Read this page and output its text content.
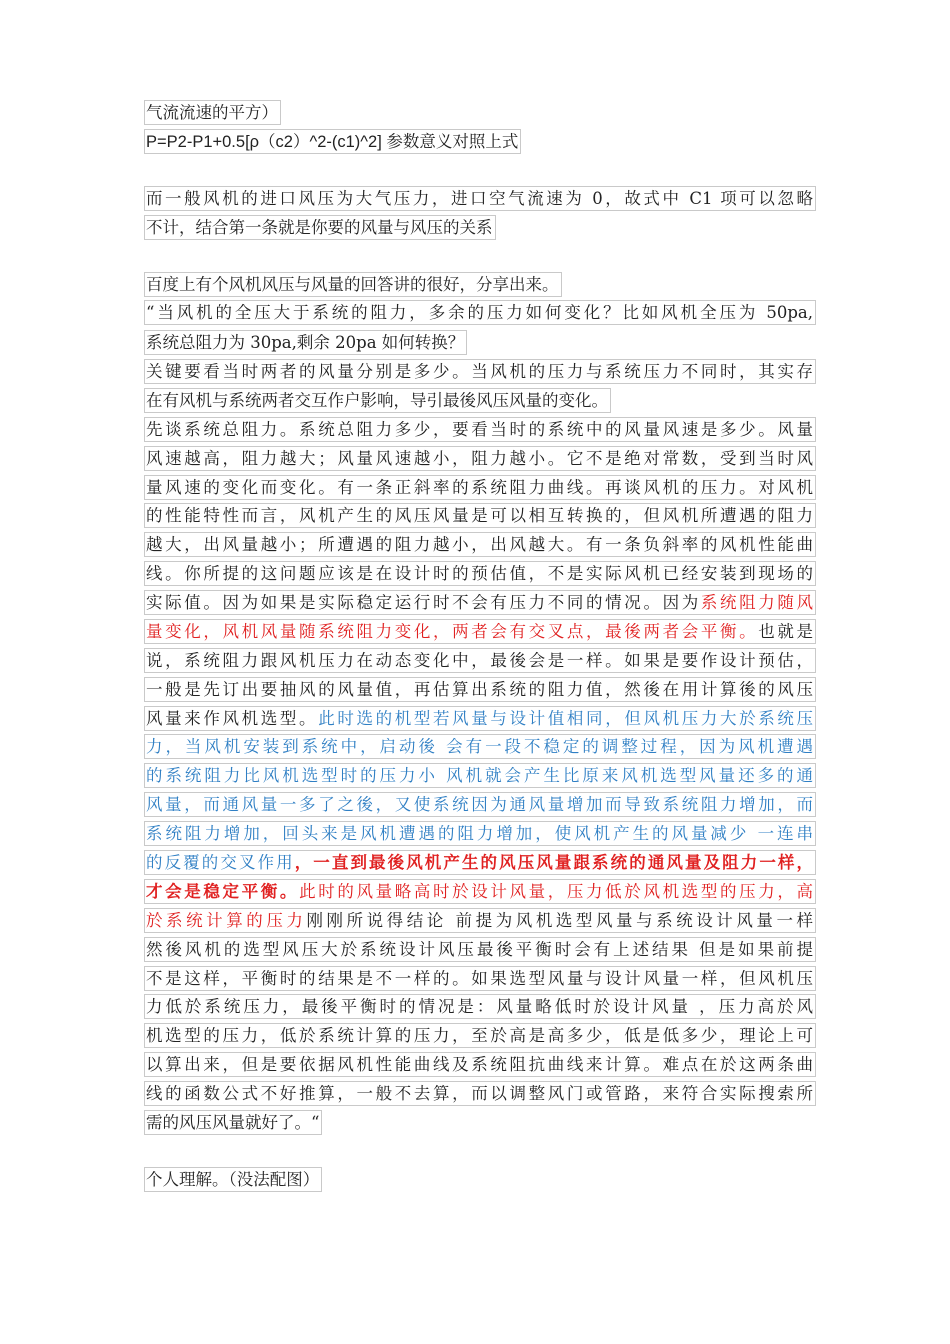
气流流速的平方）
P=P2-P1+0.5[ρ（c2）^2-(c1)^2] 参数意义对照上式
而一般风机的进口风压为大气压力，进口空气流速为 0，故式中 C1 项可以忽略
不计，结合第一条就是你要的风量与风压的关系
百度上有个风机风压与风量的回答讲的很好，分享出来。
“当风机的全压大于系统的阻力，多余的压力如何变化？比如风机全压为 50pa,
系统总阻力为 30pa,剩余 20pa 如何转换？
关键要看当时两者的风量分别是多少。当风机的压力与系统压力不同时，其实存
在有风机与系统两者交互作户影响，导引最後风压风量的变化。
先谈系统总阻力。系统总阻力多少，要看当时的系统中的风量风速是多少。风量
风速越高，阻力越大；风量风速越小，阻力越小。它不是绝对常数，受到当时风
量风速的变化而变化。有一条正斜率的系统阻力曲线。再谈风机的压力。对风机
的性能特性而言，风机产生的风压风量是可以相互转换的，但风机所遭遇的阻力
越大，出风量越小；所遭遇的阻力越小，出风越大。有一条负斜率的风机性能曲
线。你所提的这问题应该是在设计时的预估值，不是实际风机已经安装到现场的
实际值。因为如果是实际稳定运行时不会有压力不同的情况。因为系统阻力随风
量变化，风机风量随系统阻力变化，两者会有交叉点，最後两者会平衡。也就是
说，系统阻力跟风机压力在动态变化中，最後会是一样。如果是要作设计预估，
一般是先订出要抽风的风量值，再估算出系统的阻力值，然後在用计算後的风压
风量来作风机选型。此时选的机型若风量与设计值相同，但风机压力大於系统压
力，当风机安装到系统中，启动後 会有一段不稳定的调整过程，因为风机遭遇
的系统阻力比风机选型时的压力小 风机就会产生比原来风机选型风量还多的通
风量，而通风量一多了之後，又使系统因为通风量增加而导致系统阻力增加，而
系统阻力增加，回头来是风机遭遇的阻力增加，使风机产生的风量减少 一连串
的反覆的交叉作用，一直到最後风机产生的风压风量跟系统的通风量及阻力一样，
才会是稳定平衡。此时的风量略高时於设计风量，压力低於风机选型的压力，高
於系统计算的压力刚刚所说得结论 前提为风机选型风量与系统设计风量一样
然後风机的选型风压大於系统设计风压最後平衡时会有上述结果 但是如果前提
不是这样，平衡时的结果是不一样的。如果选型风量与设计风量一样，但风机压
力低於系统压力，最後平衡时的情况是：风量略低时於设计风量 ，压力高於风
机选型的压力，低於系统计算的压力，至於高是高多少，低是低多少，理论上可
以算出来，但是要依据风机性能曲线及系统阻抗曲线来计算。难点在於这两条曲
线的函数公式不好推算，一般不去算，而以调整风门或管路，来符合实际搜索所
需的风压风量就好了。“
个人理解。（没法配图）
